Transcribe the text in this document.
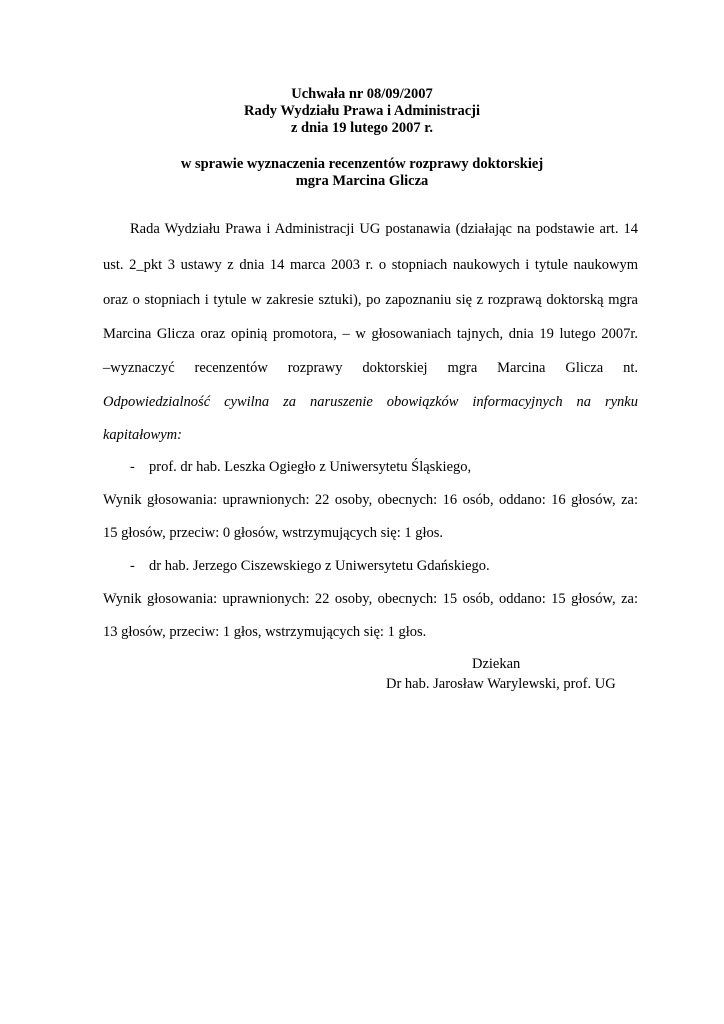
Uchwała nr 08/09/2007
Rady Wydziału Prawa i Administracji
z dnia 19 lutego 2007 r.
w sprawie wyznaczenia recenzentów rozprawy doktorskiej
mgra Marcina Glicza
Rada Wydziału Prawa i Administracji UG postanawia (działając na podstawie art. 14
ust. 2_pkt 3 ustawy z dnia 14 marca 2003 r. o stopniach naukowych i tytule naukowym
oraz o stopniach i tytule w zakresie sztuki), po zapoznaniu się z rozprawą doktorską mgra
Marcina Glicza oraz opinią promotora, – w głosowaniach tajnych, dnia 19 lutego 2007r.
–wyznaczyć recenzentów rozprawy doktorskiej mgra Marcina Glicza nt.
Odpowiedzialność cywilna za naruszenie obowiązków informacyjnych na rynku
kapitałowym:
- prof. dr hab. Leszka Ogiegło z Uniwersytetu Śląskiego,
Wynik głosowania: uprawnionych: 22 osoby, obecnych: 16 osób, oddano: 16 głosów, za:
15 głosów, przeciw: 0 głosów, wstrzymujących się: 1 głos.
- dr hab. Jerzego Ciszewskiego z Uniwersytetu Gdańskiego.
Wynik głosowania: uprawnionych: 22 osoby, obecnych: 15 osób, oddano: 15 głosów, za:
13 głosów, przeciw: 1 głos, wstrzymujących się: 1 głos.
Dziekan
Dr hab. Jarosław Warylewski, prof. UG
